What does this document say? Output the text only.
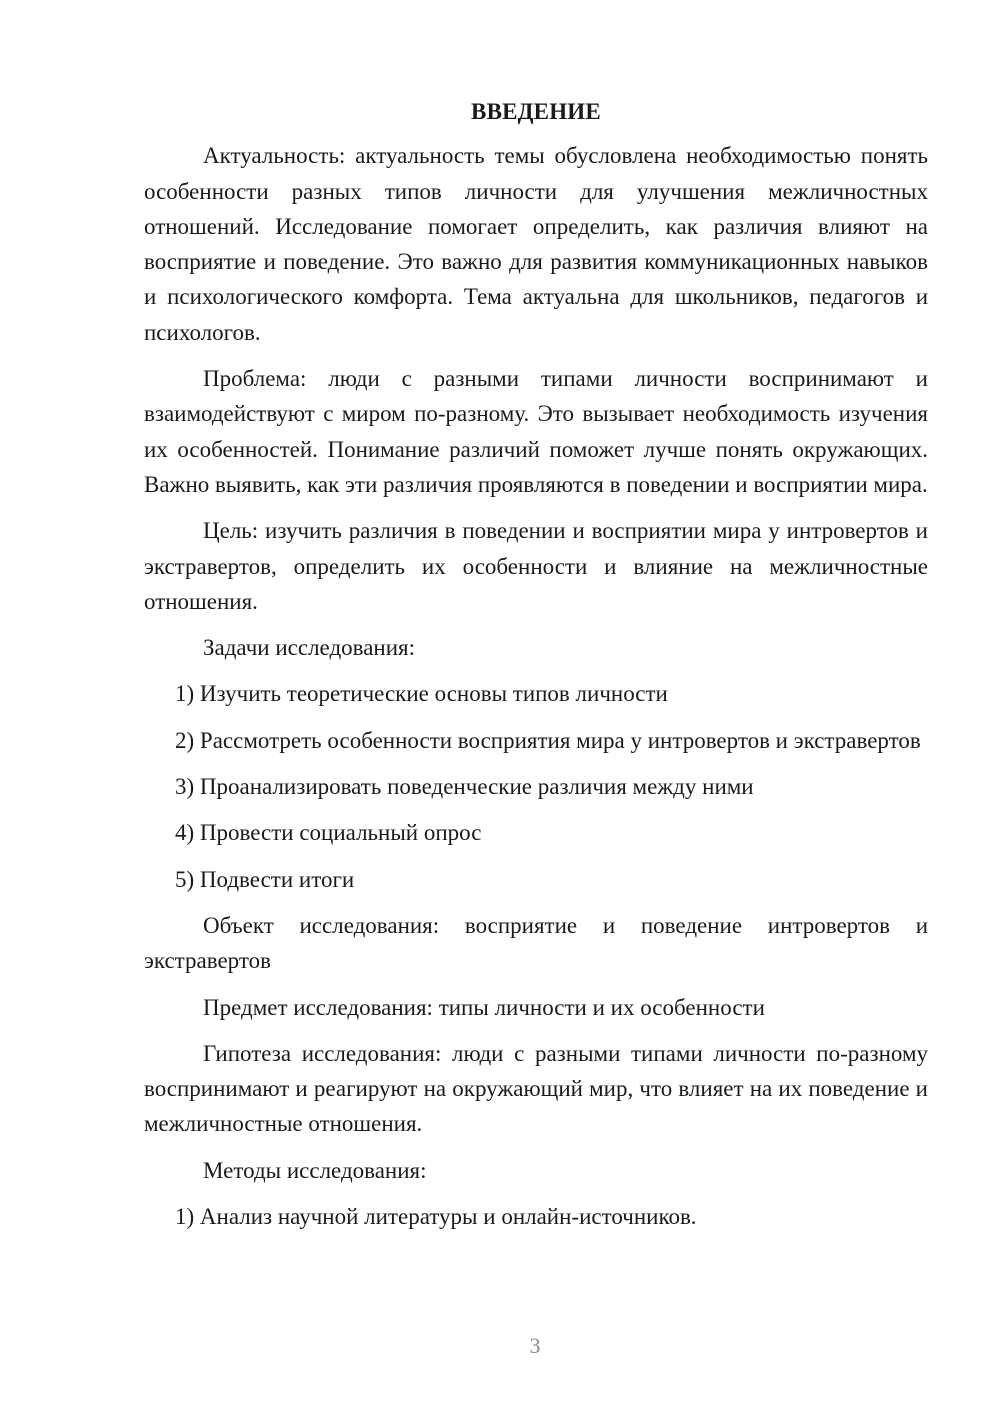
ВВЕДЕНИЕ
Актуальность: актуальность темы обусловлена необходимостью понять особенности разных типов личности для улучшения межличностных отношений. Исследование помогает определить, как различия влияют на восприятие и поведение. Это важно для развития коммуникационных навыков и психологического комфорта. Тема актуальна для школьников, педагогов и психологов.
Проблема: люди с разными типами личности воспринимают и взаимодействуют с миром по-разному. Это вызывает необходимость изучения их особенностей. Понимание различий поможет лучше понять окружающих. Важно выявить, как эти различия проявляются в поведении и восприятии мира.
Цель: изучить различия в поведении и восприятии мира у интровертов и экстравертов, определить их особенности и влияние на межличностные отношения.
Задачи исследования:
1) Изучить теоретические основы типов личности
2) Рассмотреть особенности восприятия мира у интровертов и экстравертов
3) Проанализировать поведенческие различия между ними
4) Провести социальный опрос
5) Подвести итоги
Объект исследования: восприятие и поведение интровертов и экстравертов
Предмет исследования: типы личности и их особенности
Гипотеза исследования: люди с разными типами личности по-разному воспринимают и реагируют на окружающий мир, что влияет на их поведение и межличностные отношения.
Методы исследования:
1) Анализ научной литературы и онлайн-источников.
3
